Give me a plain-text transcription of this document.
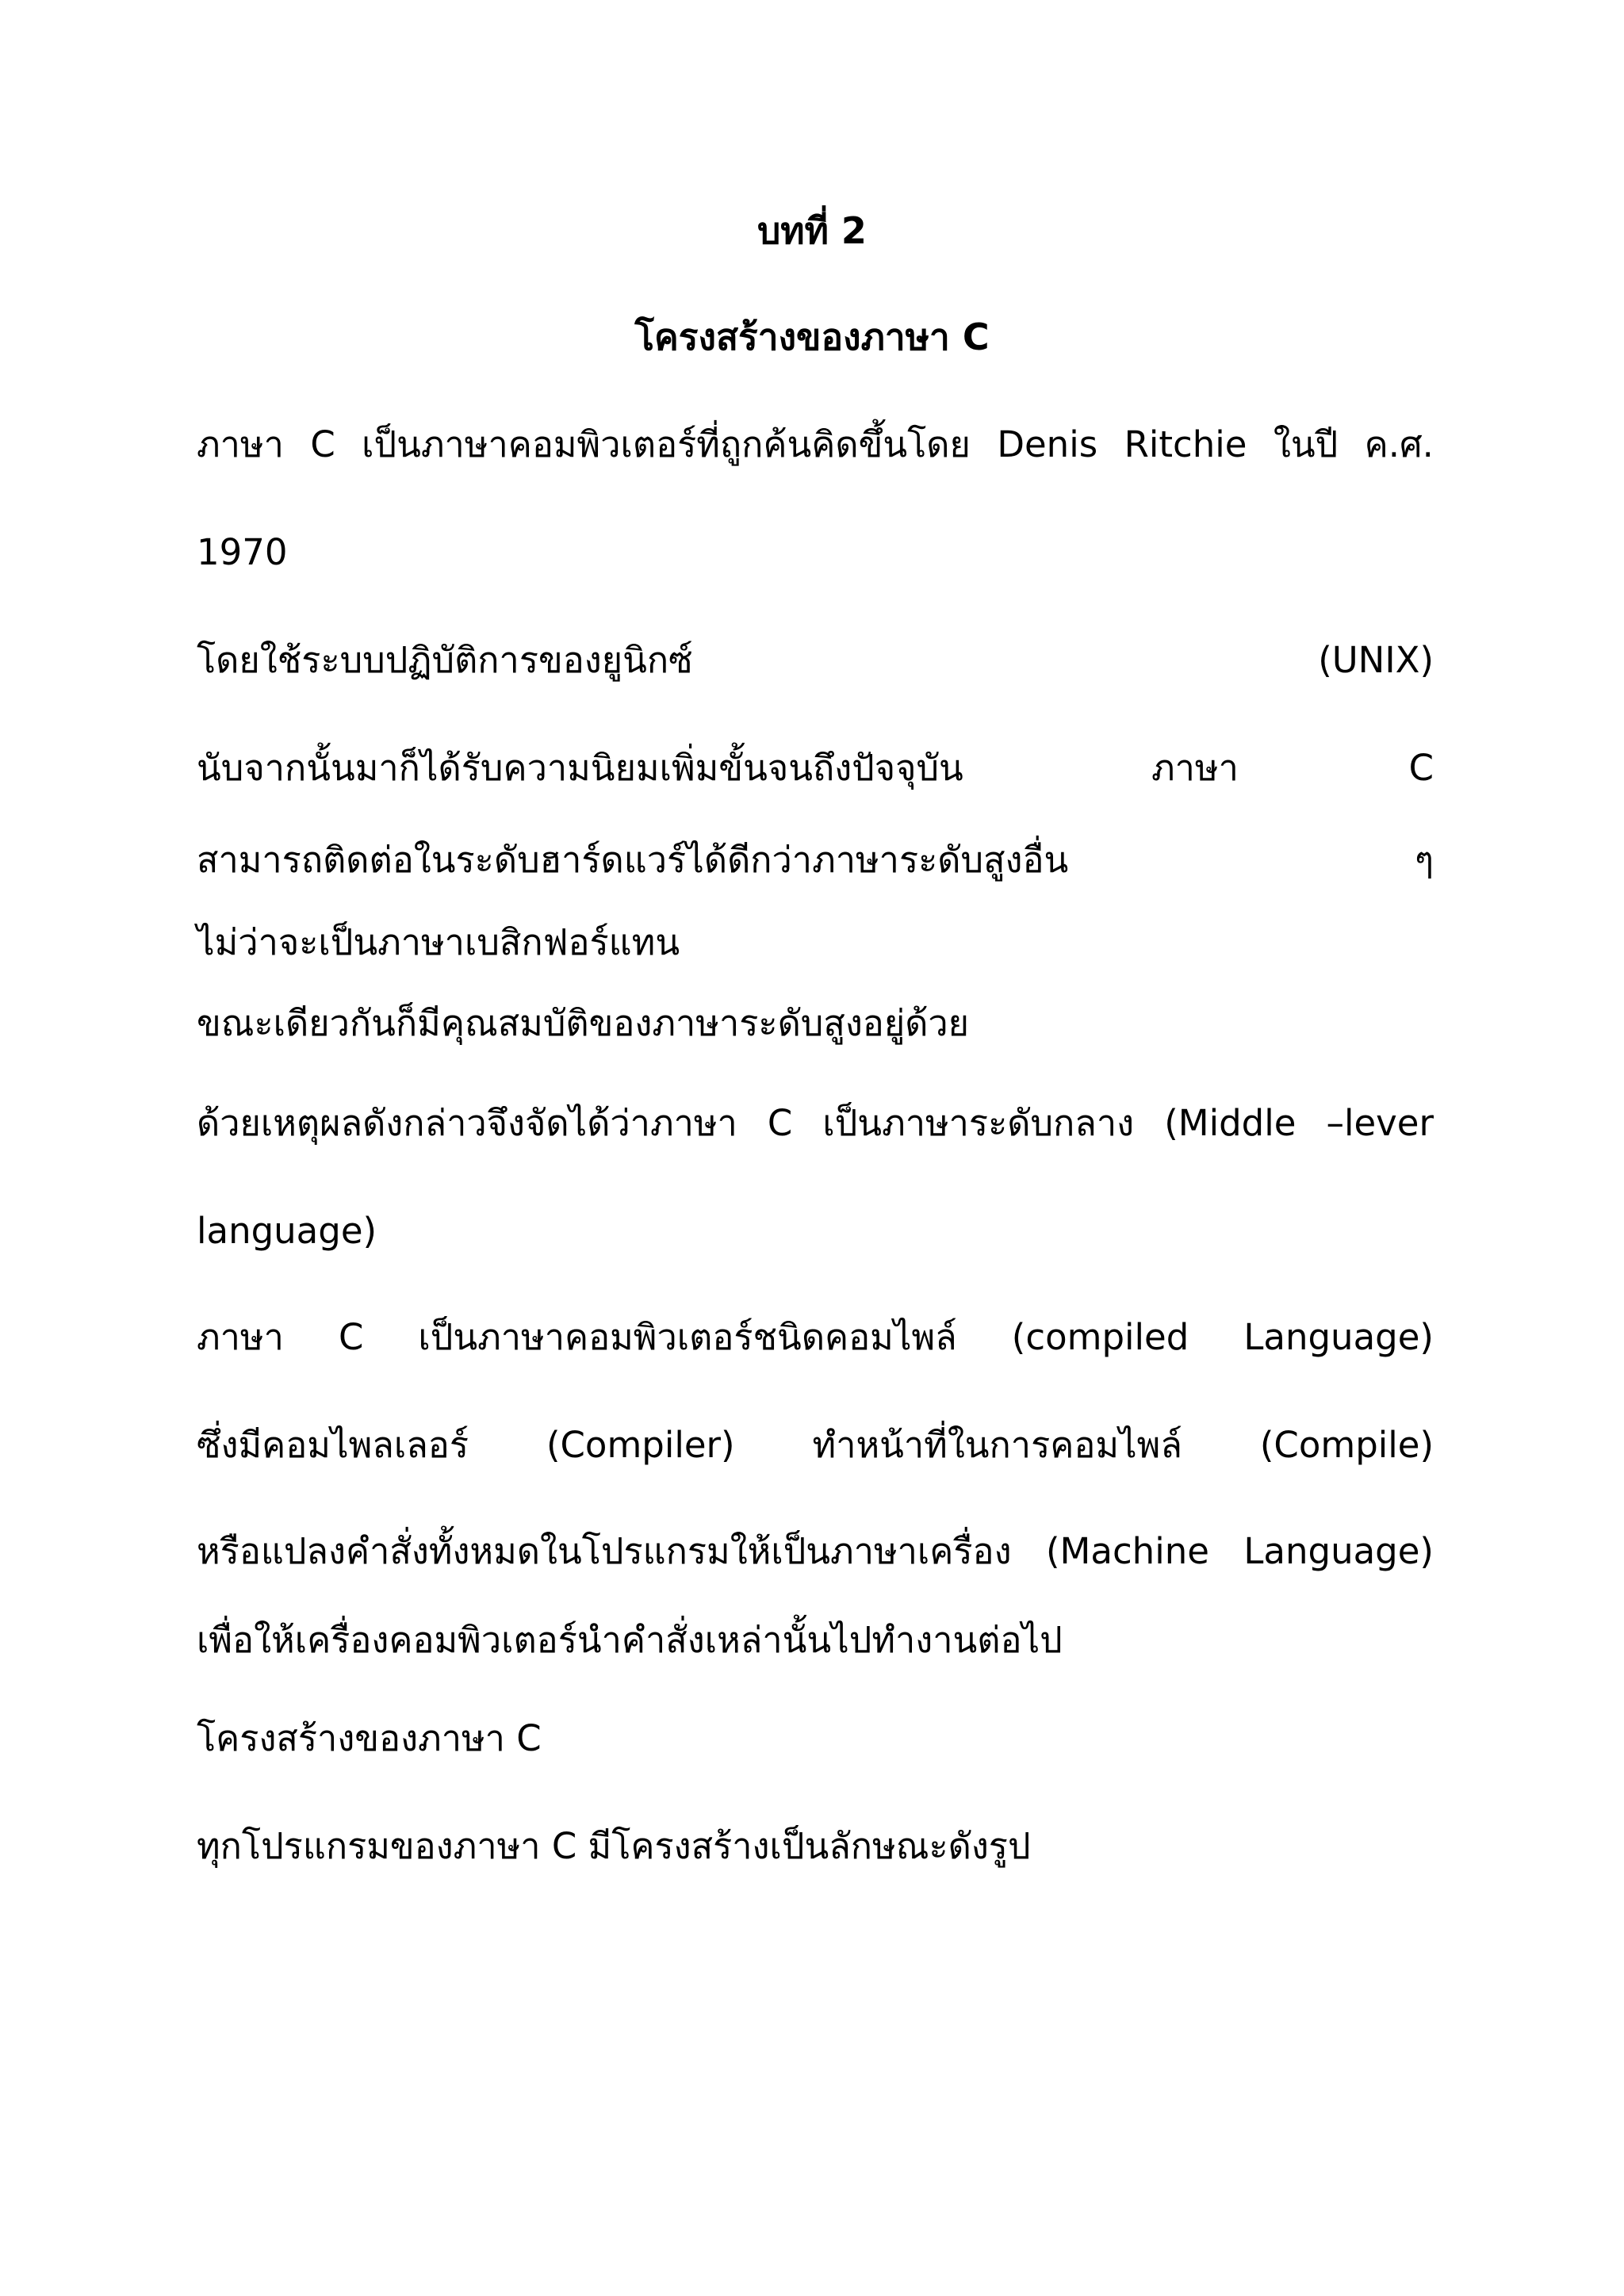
บทที่ 2
โครงสร้างของภาษา C
ภาษา C เป็นภาษาคอมพิวเตอร์ที่ถูกค้นคิดขึ้นโดย Denis Ritchie ในปี ค.ศ.
1970
โดยใช้ระบบปฏิบัติการของยูนิกซ์	(UNIX)
นับจากนั้นมาก็ได้รับความนิยมเพิ่มขั้นจนถึงปัจจุบัน	ภาษา	C
สามารถติดต่อในระดับฮาร์ดแวร์ได้ดีกว่าภาษาระดับสูงอื่น	ๆ
ไม่ว่าจะเป็นภาษาเบสิกฟอร์แทน
ขณะเดียวกันก็มีคุณสมบัติของภาษาระดับสูงอยู่ด้วย
ด้วยเหตุผลดังกล่าวจึงจัดได้ว่าภาษา C เป็นภาษาระดับกลาง (Middle –lever
language)
ภาษา C เป็นภาษาคอมพิวเตอร์ชนิดคอมไพล์ (compiled Language)
ซึ่งมีคอมไพลเลอร์ (Compiler) ทำหน้าที่ในการคอมไพล์ (Compile)
หรือแปลงคำสั่งทั้งหมดในโปรแกรมให้เป็นภาษาเครื่อง (Machine Language)
เพื่อให้เครื่องคอมพิวเตอร์นำคำสั่งเหล่านั้นไปทำงานต่อไป
โครงสร้างของภาษา C
ทุกโปรแกรมของภาษา C มีโครงสร้างเป็นลักษณะดังรูป
